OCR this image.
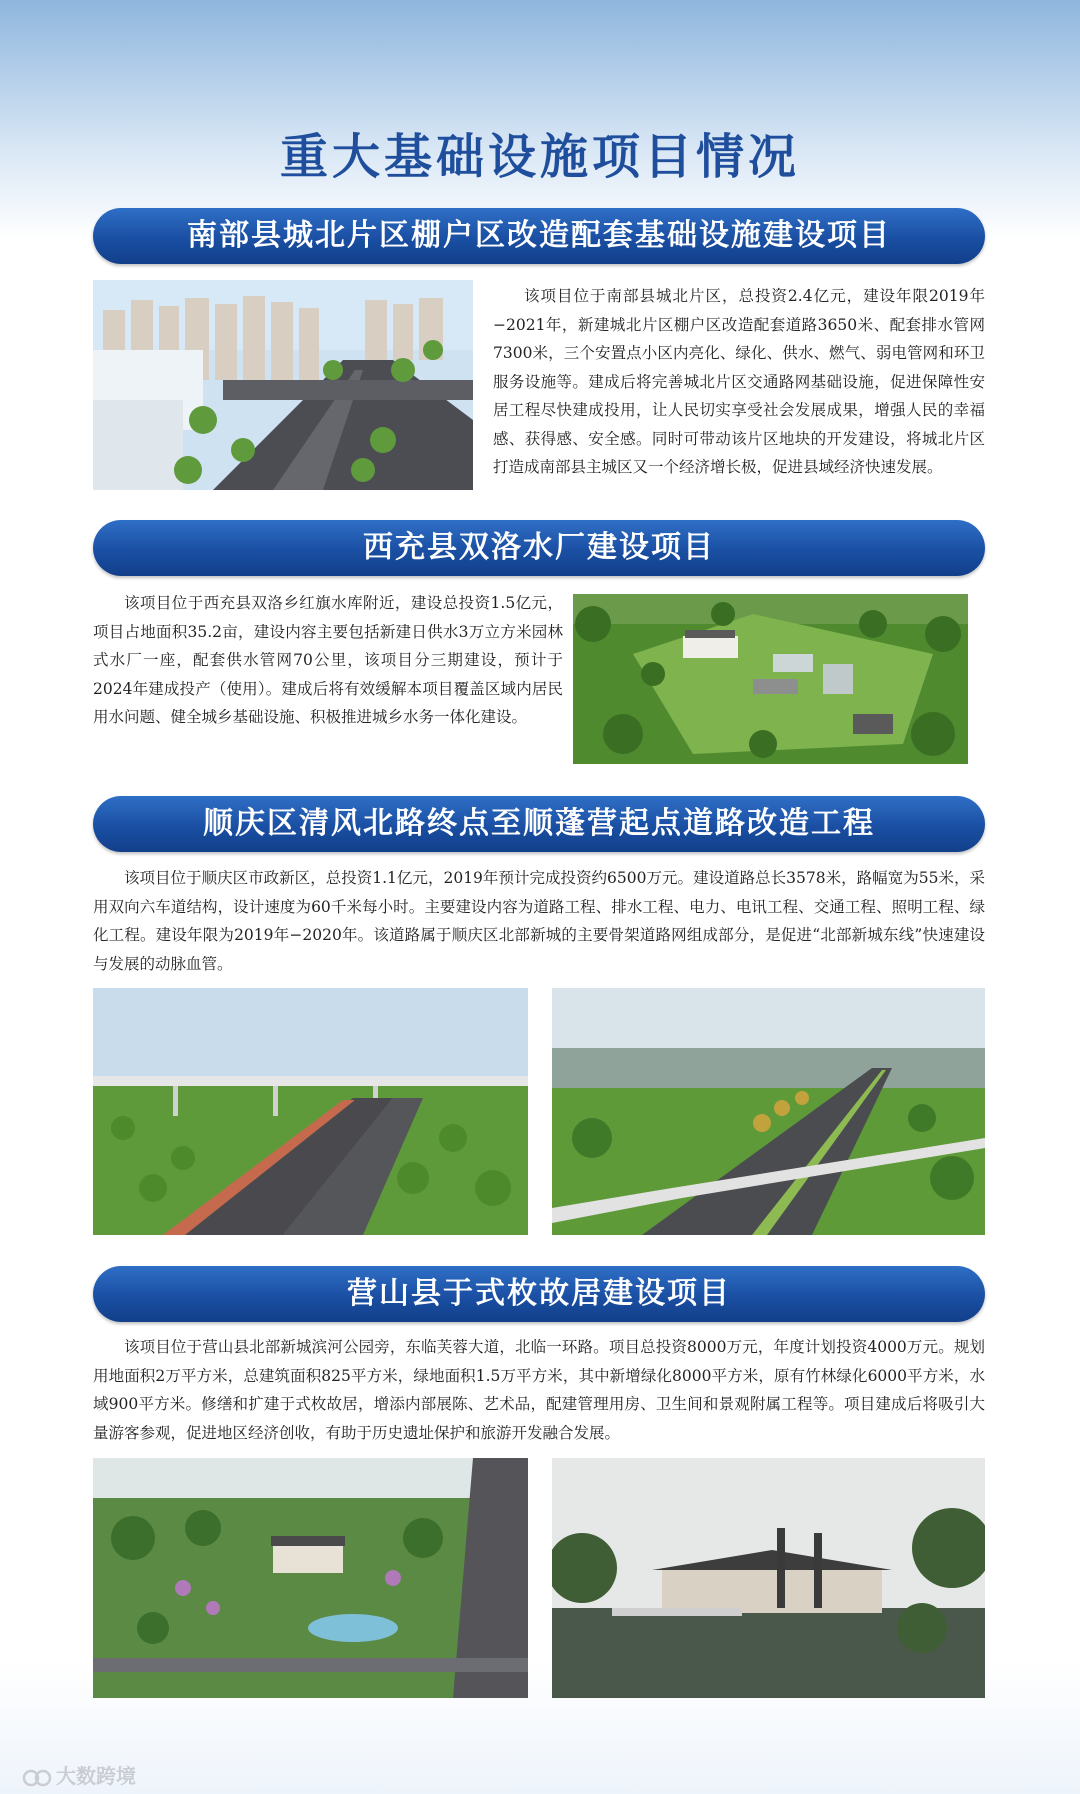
重大基础设施项目情况
南部县城北片区棚户区改造配套基础设施建设项目
该项目位于南部县城北片区，总投资2.4亿元，建设年限2019年−2021年，新建城北片区棚户区改造配套道路3650米、配套排水管网7300米，三个安置点小区内亮化、绿化、供水、燃气、弱电管网和环卫服务设施等。建成后将完善城北片区交通路网基础设施，促进保障性安居工程尽快建成投用，让人民切实享受社会发展成果，增强人民的幸福感、获得感、安全感。同时可带动该片区地块的开发建设，将城北片区打造成南部县主城区又一个经济增长极，促进县域经济快速发展。
西充县双洛水厂建设项目
该项目位于西充县双洛乡红旗水库附近，建设总投资1.5亿元，项目占地面积35.2亩，建设内容主要包括新建日供水3万立方米园林式水厂一座，配套供水管网70公里，该项目分三期建设，预计于2024年建成投产（使用）。建成后将有效缓解本项目覆盖区域内居民用水问题、健全城乡基础设施、积极推进城乡水务一体化建设。
顺庆区清风北路终点至顺蓬营起点道路改造工程
该项目位于顺庆区市政新区，总投资1.1亿元，2019年预计完成投资约6500万元。建设道路总长3578米，路幅宽为55米，采用双向六车道结构，设计速度为60千米每小时。主要建设内容为道路工程、排水工程、电力、电讯工程、交通工程、照明工程、绿化工程。建设年限为2019年−2020年。该道路属于顺庆区北部新城的主要骨架道路网组成部分，是促进“北部新城东线”快速建设与发展的动脉血管。
营山县于式枚故居建设项目
该项目位于营山县北部新城滨河公园旁，东临芙蓉大道，北临一环路。项目总投资8000万元，年度计划投资4000万元。规划用地面积2万平方米，总建筑面积825平方米，绿地面积1.5万平方米，其中新增绿化8000平方米，原有竹林绿化6000平方米，水域900平方米。修缮和扩建于式枚故居，增添内部展陈、艺术品，配建管理用房、卫生间和景观附属工程等。项目建成后将吸引大量游客参观，促进地区经济创收，有助于历史遗址保护和旅游开发融合发展。
大数跨境
